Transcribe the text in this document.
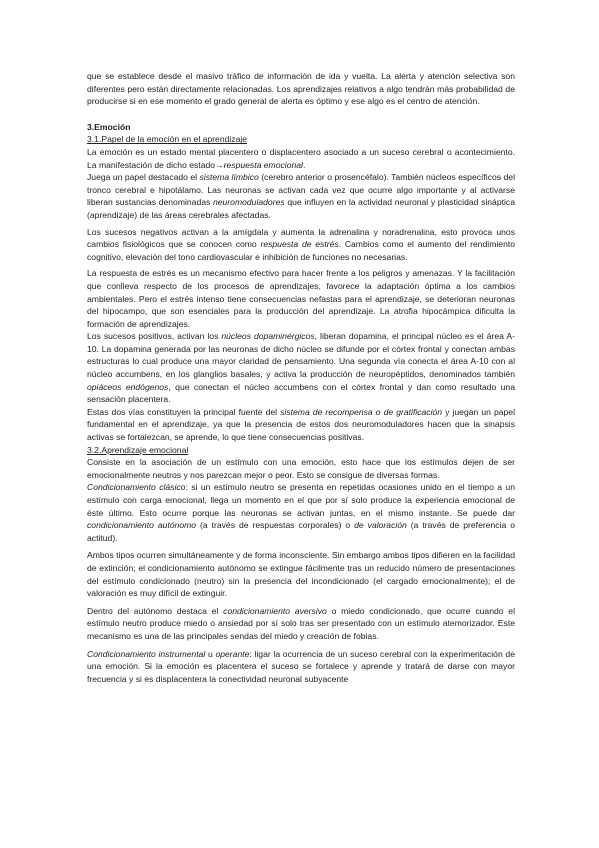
que se establece desde el masivo tráfico de información de ida y vuelta. La alerta y atención selectiva son diferentes pero están directamente relacionadas. Los aprendizajes relativos a algo tendrán más probabilidad de producirse si en ese momento el grado general de alerta es óptimo y ese algo es el centro de atención.

3.Emoción

3.1.Papel de la emoción en el aprendizaje

La emoción es un estado mental placentero o displacentero asociado a un suceso cerebral o acontecimiento. La manifestación de dicho estado→respuesta emocional.

Juega un papel destacado el sistema límbico (cerebro anterior o prosencéfalo). También núcleos específicos del tronco cerebral e hipotálamo. Las neuronas se activan cada vez que ocurre algo importante y al activarse liberan sustancias denominadas neuromoduladores que influyen en la actividad neuronal y plasticidad sináptica (aprendizaje) de las áreas cerebrales afectadas.

Los sucesos negativos activan a la amígdala y aumenta la adrenalina y noradrenalina, esto provoca unos cambios fisiológicos que se conocen como respuesta de estrés. Cambios como el aumento del rendimiento cognitivo, elevación del tono cardiovascular e inhibición de funciones no necesarias.

La respuesta de estrés es un mecanismo efectivo para hacer frente a los peligros y amenazas. Y la facilitación que conlleva respecto de los procesos de aprendizajes, favorece la adaptación óptima a los cambios ambientales. Pero el estrés intenso tiene consecuencias nefastas para el aprendizaje, se deterioran neuronas del hipocampo, que son esenciales para la producción del aprendizaje. La atrofia hipocámpica dificulta la formación de aprendizajes.

Los sucesos positivos, activan los núcleos dopaminérgicos, liberan dopamina, el principal núcleo es el área A-10. La dopamina generada por las neuronas de dicho núcleo se difunde por el córtex frontal y conectan ambas estructuras lo cual produce una mayor claridad de pensamiento. Una segunda vía conecta el área A-10 con al núcleo accumbens, en los glanglios basales, y activa la producción de neuropéptidos, denominados también opiáceos endógenos, que conectan el núcleo accumbens con el córtex frontal y dan como resultado una sensación placentera.

Estas dos vías constituyen la principal fuente del sistema de recompensa o de gratificación y juegan un papel fundamental en el aprendizaje, ya que la presencia de estos dos neuromoduladores hacen que la sinapsis activas se fortalezcan, se aprende, lo que tiene consecuencias positivas.

3.2.Aprendizaje emocional

Consiste en la asociación de un estímulo con una emoción, esto hace que los estímulos dejen de ser emocionalmente neutros y nos parezcan mejor o peor. Esto se consigue de diversas formas.

Condicionamiento clásico: si un estímulo neutro se presenta en repetidas ocasiones unido en el tiempo a un estímulo con carga emocional, llega un momento en el que por sí solo produce la experiencia emocional de éste último. Esto ocurre porque las neuronas se activan juntas, en el mismo instante. Se puede dar condicionamiento autónomo (a través de respuestas corporales) o de valoración (a través de preferencia o actitud).

Ambos tipos ocurren simultáneamente y de forma inconsciente. Sin embargo ambos tipos difieren en la facilidad de extinción; el condicionamiento autónomo se extingue fácilmente tras un reducido número de presentaciones del estímulo condicionado (neutro) sin la presencia del incondicionado (el cargado emocionalmente); el de valoración es muy difícil de extinguir.

Dentro del autónomo destaca el condicionamiento aversivo o miedo condicionado, que ocurre cuando el estímulo neutro produce miedo o ansiedad por sí solo tras ser presentado con un estímulo atemorizador. Este mecanismo es una de las principales sendas del miedo y creación de fobias.

Condicionamiento instrumental u operante: ligar la ocurrencia de un suceso cerebral con la experimentación de una emoción. Si la emoción es placentera el suceso se fortalece y aprende y tratará de darse con mayor frecuencia y si es displacentera la conectividad neuronal subyacente
